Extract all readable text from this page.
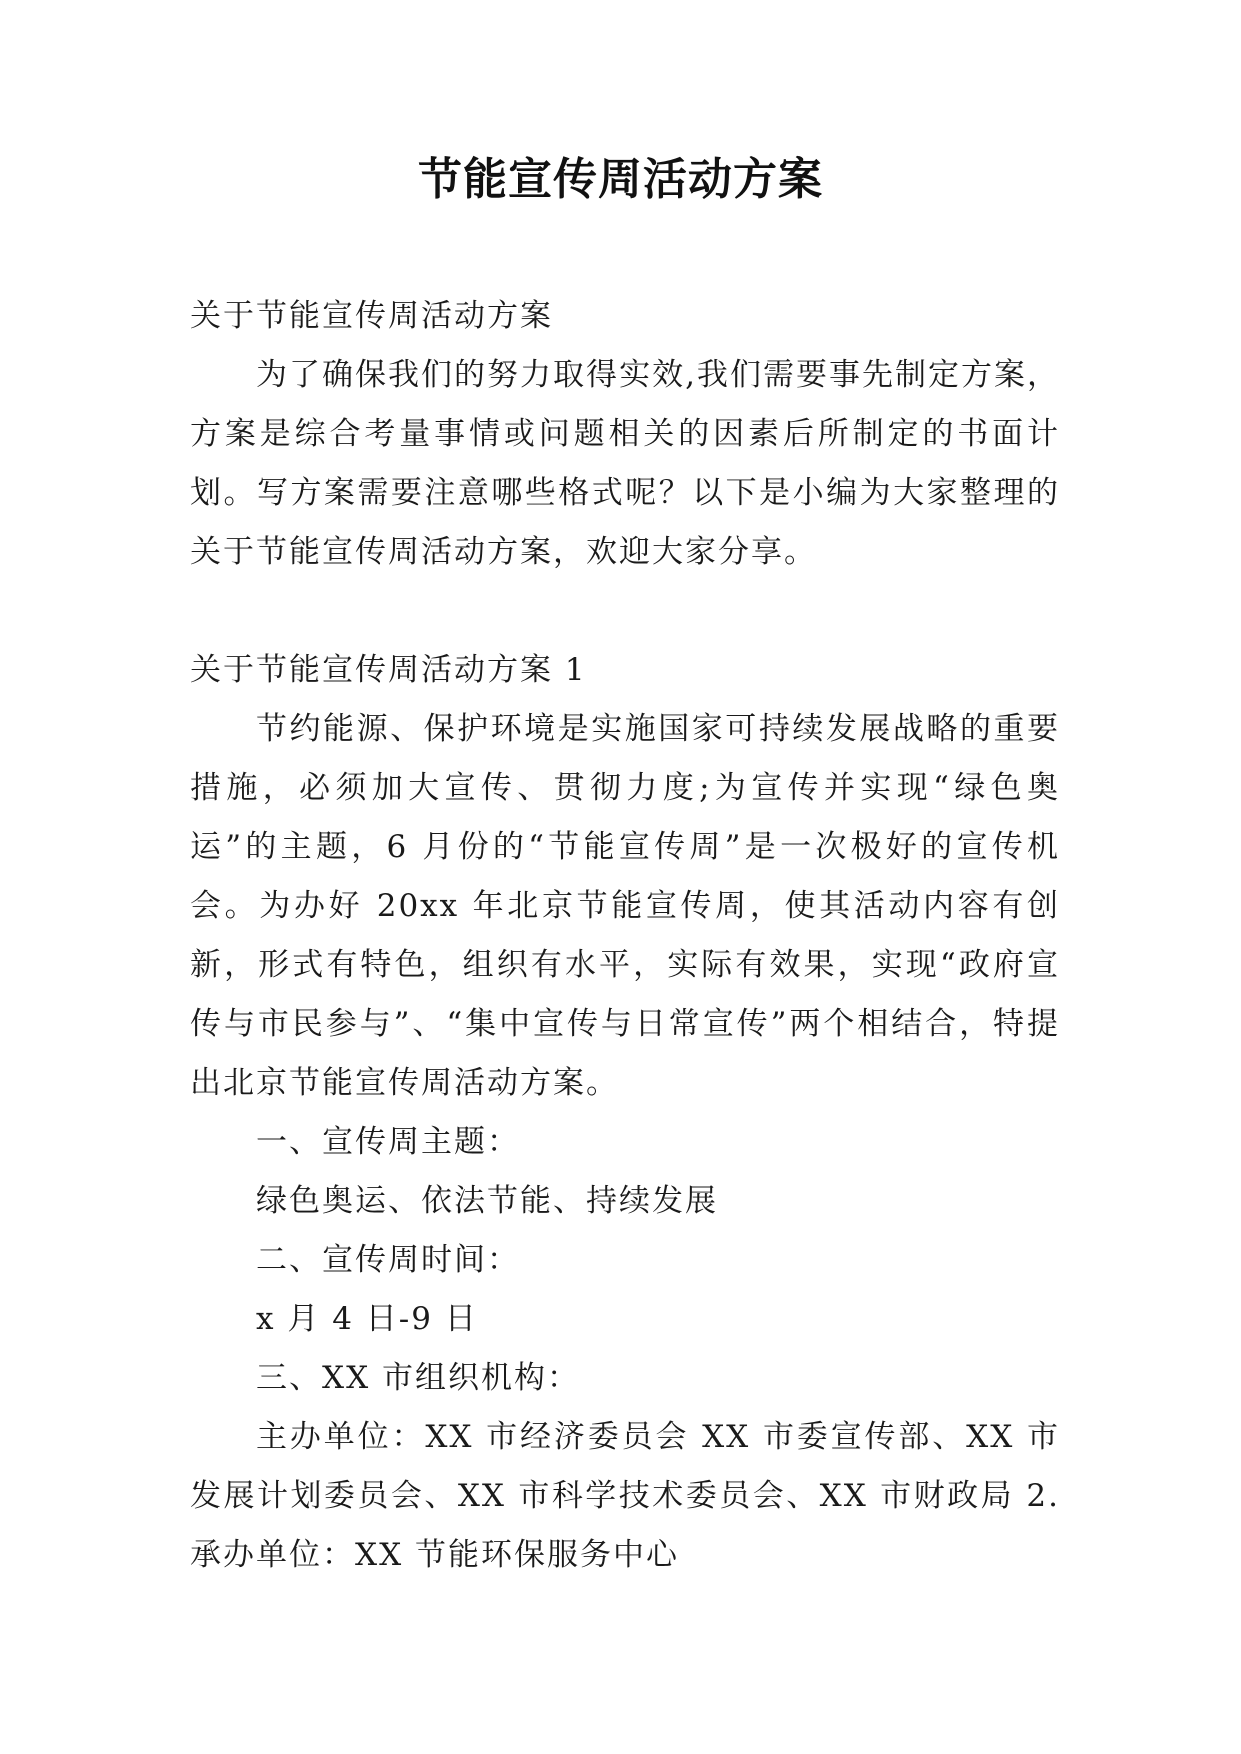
节能宣传周活动方案

关于节能宣传周活动方案

为了确保我们的努力取得实效,我们需要事先制定方案，方案是综合考量事情或问题相关的因素后所制定的书面计划。写方案需要注意哪些格式呢？以下是小编为大家整理的关于节能宣传周活动方案，欢迎大家分享。

关于节能宣传周活动方案 1

节约能源、保护环境是实施国家可持续发展战略的重要措施，必须加大宣传、贯彻力度;为宣传并实现“绿色奥运”的主题，6 月份的“节能宣传周”是一次极好的宣传机会。为办好 20xx 年北京节能宣传周，使其活动内容有创新，形式有特色，组织有水平，实际有效果，实现“政府宣传与市民参与”、“集中宣传与日常宣传”两个相结合，特提出北京节能宣传周活动方案。

一、宣传周主题：

绿色奥运、依法节能、持续发展

二、宣传周时间：

x 月 4 日-9 日

三、XX 市组织机构：

主办单位：XX 市经济委员会 XX 市委宣传部、XX 市发展计划委员会、XX 市科学技术委员会、XX 市财政局 2.承办单位：XX 节能环保服务中心
